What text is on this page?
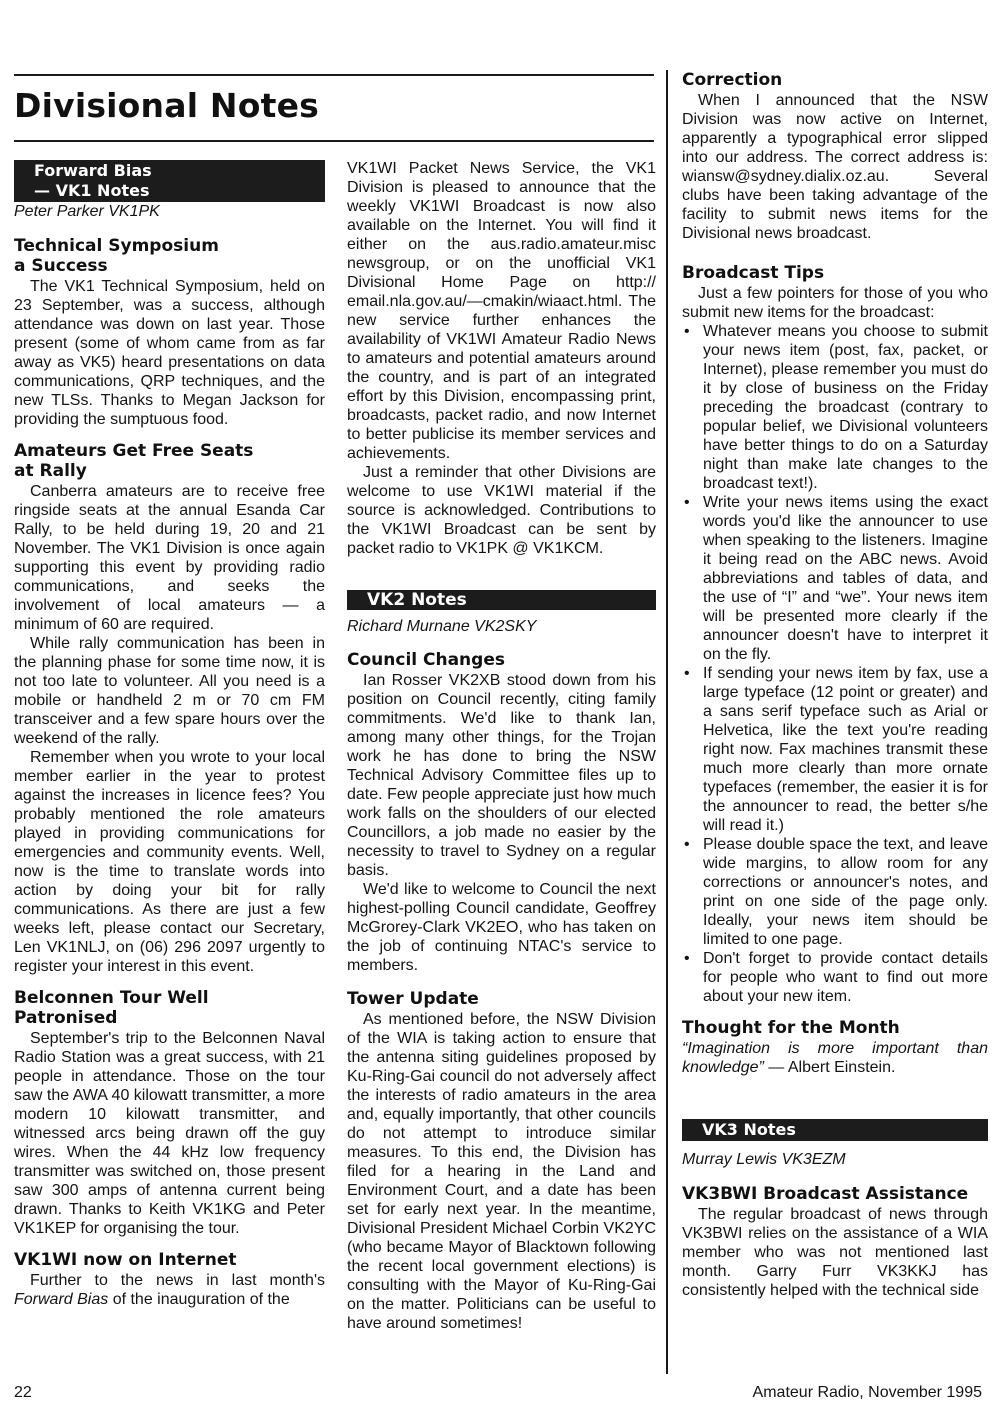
Divisional Notes
Forward Bias
— VK1 Notes

Peter Parker VK1PK

Technical Symposium
a Success

The VK1 Technical Symposium, held on 23 September, was a success, although attendance was down on last year. Those present (some of whom came from as far away as VK5) heard presentations on data communications, QRP techniques, and the new TLSs. Thanks to Megan Jackson for providing the sumptuous food.

Amateurs Get Free Seats
at Rally

Canberra amateurs are to receive free ringside seats at the annual Esanda Car Rally, to be held during 19, 20 and 21 November. The VK1 Division is once again supporting this event by providing radio communications, and seeks the involvement of local amateurs — a minimum of 60 are required.

While rally communication has been in the planning phase for some time now, it is not too late to volunteer. All you need is a mobile or handheld 2 m or 70 cm FM transceiver and a few spare hours over the weekend of the rally.

Remember when you wrote to your local member earlier in the year to protest against the increases in licence fees? You probably mentioned the role amateurs played in providing communications for emergencies and community events. Well, now is the time to translate words into action by doing your bit for rally communications. As there are just a few weeks left, please contact our Secretary, Len VK1NLJ, on (06) 296 2097 urgently to register your interest in this event.

Belconnen Tour Well
Patronised

September's trip to the Belconnen Naval Radio Station was a great success, with 21 people in attendance. Those on the tour saw the AWA 40 kilowatt transmitter, a more modern 10 kilowatt transmitter, and witnessed arcs being drawn off the guy wires. When the 44 kHz low frequency transmitter was switched on, those present saw 300 amps of antenna current being drawn. Thanks to Keith VK1KG and Peter VK1KEP for organising the tour.

VK1WI now on Internet

Further to the news in last month's Forward Bias of the inauguration of the

VK1WI Packet News Service, the VK1 Division is pleased to announce that the weekly VK1WI Broadcast is now also available on the Internet. You will find it either on the aus.radio.amateur.misc newsgroup, or on the unofficial VK1 Divisional Home Page on http:// email.nla.gov.au/—cmakin/wiaact.html. The new service further enhances the availability of VK1WI Amateur Radio News to amateurs and potential amateurs around the country, and is part of an integrated effort by this Division, encompassing print, broadcasts, packet radio, and now Internet to better publicise its member services and achievements.

Just a reminder that other Divisions are welcome to use VK1WI material if the source is acknowledged. Contributions to the VK1WI Broadcast can be sent by packet radio to VK1PK @ VK1KCM.

VK2 Notes

Richard Murnane VK2SKY

Council Changes

Ian Rosser VK2XB stood down from his position on Council recently, citing family commitments. We'd like to thank Ian, among many other things, for the Trojan work he has done to bring the NSW Technical Advisory Committee files up to date. Few people appreciate just how much work falls on the shoulders of our elected Councillors, a job made no easier by the necessity to travel to Sydney on a regular basis.

We'd like to welcome to Council the next highest-polling Council candidate, Geoffrey McGrorey-Clark VK2EO, who has taken on the job of continuing NTAC's service to members.

Tower Update

As mentioned before, the NSW Division of the WIA is taking action to ensure that the antenna siting guidelines proposed by Ku-Ring-Gai council do not adversely affect the interests of radio amateurs in the area and, equally importantly, that other councils do not attempt to introduce similar measures. To this end, the Division has filed for a hearing in the Land and Environment Court, and a date has been set for early next year. In the meantime, Divisional President Michael Corbin VK2YC (who became Mayor of Blacktown following the recent local government elections) is consulting with the Mayor of Ku-Ring-Gai on the matter. Politicians can be useful to have around sometimes!

Correction

When I announced that the NSW Division was now active on Internet, apparently a typographical error slipped into our address. The correct address is: wiansw@sydney.dialix.oz.au. Several clubs have been taking advantage of the facility to submit news items for the Divisional news broadcast.

Broadcast Tips

Just a few pointers for those of you who submit new items for the broadcast:

• Whatever means you choose to submit your news item (post, fax, packet, or Internet), please remember you must do it by close of business on the Friday preceding the broadcast (contrary to popular belief, we Divisional volunteers have better things to do on a Saturday night than make late changes to the broadcast text!).
• Write your news items using the exact words you'd like the announcer to use when speaking to the listeners. Imagine it being read on the ABC news. Avoid abbreviations and tables of data, and the use of “I” and “we”. Your news item will be presented more clearly if the announcer doesn't have to interpret it on the fly.
• If sending your news item by fax, use a large typeface (12 point or greater) and a sans serif typeface such as Arial or Helvetica, like the text you're reading right now. Fax machines transmit these much more clearly than more ornate typefaces (remember, the easier it is for the announcer to read, the better s/he will read it.)
• Please double space the text, and leave wide margins, to allow room for any corrections or announcer's notes, and print on one side of the page only. Ideally, your news item should be limited to one page.
• Don't forget to provide contact details for people who want to find out more about your new item.
Thought for the Month

“Imagination is more important than knowledge” — Albert Einstein.

VK3 Notes

Murray Lewis VK3EZM

VK3BWI Broadcast Assistance

The regular broadcast of news through VK3BWI relies on the assistance of a WIA member who was not mentioned last month. Garry Furr VK3KKJ has consistently helped with the technical side

22	Amateur Radio, November 1995
